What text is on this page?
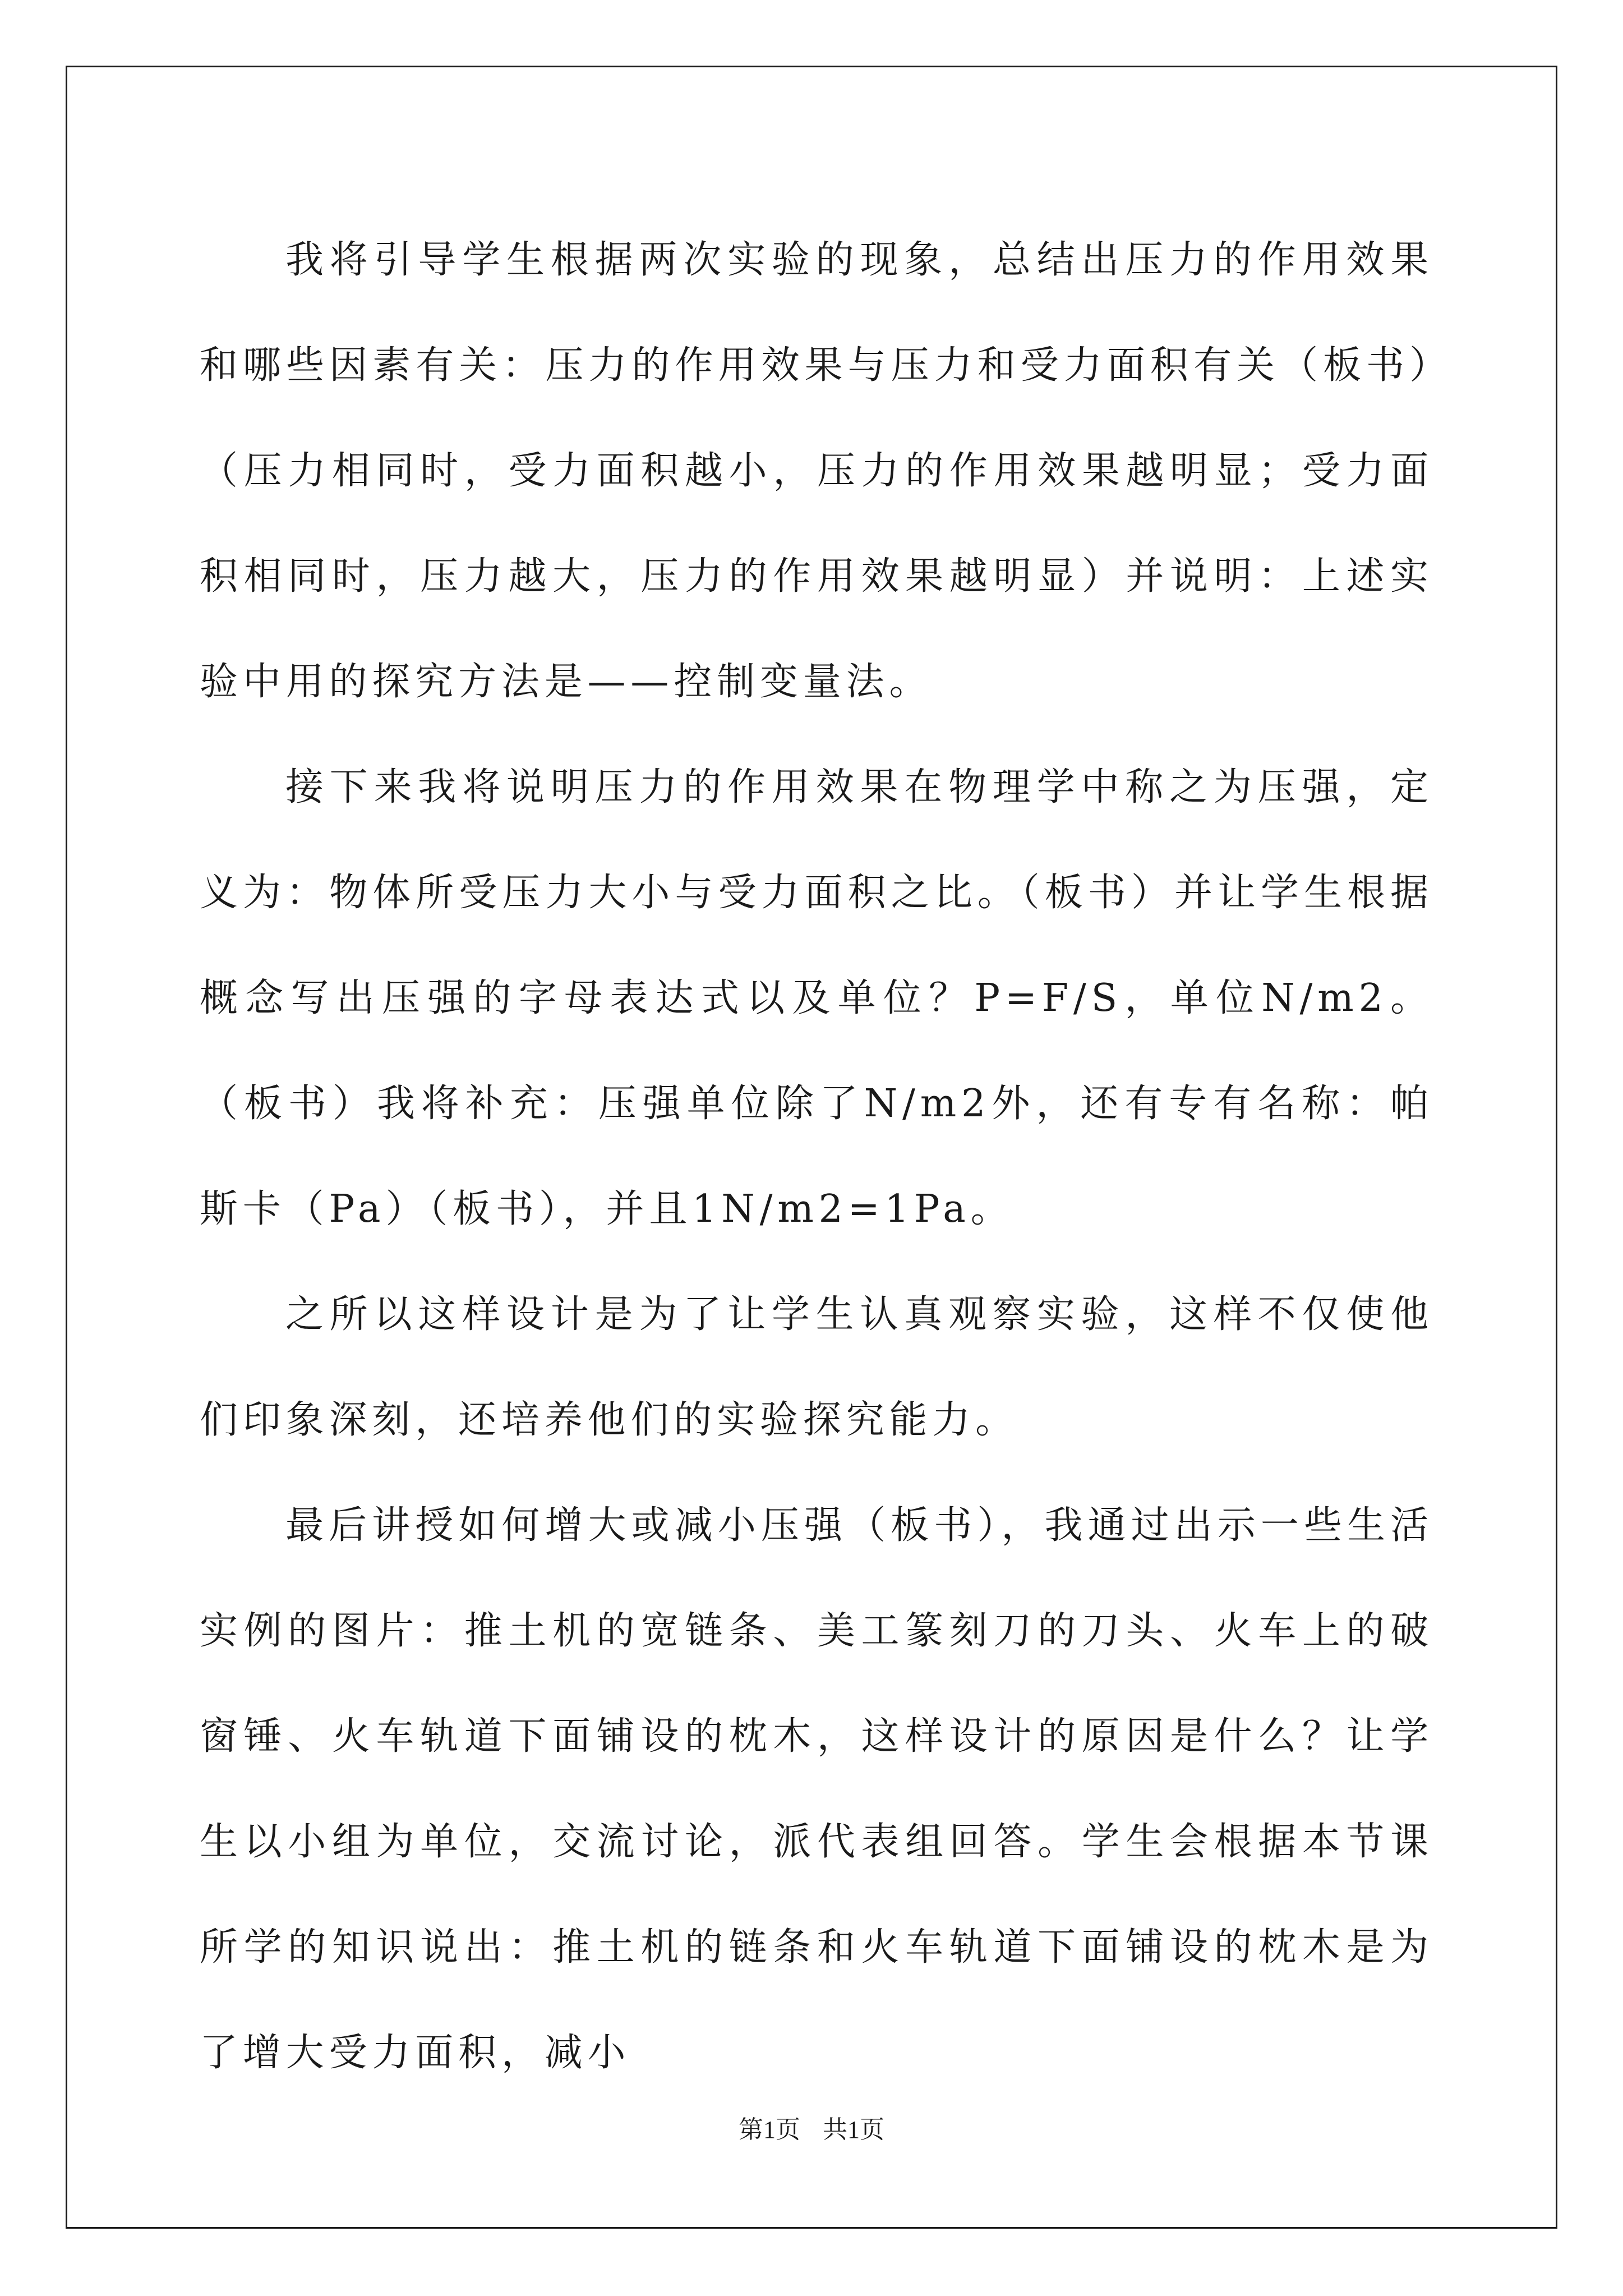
我将引导学生根据两次实验的现象，总结出压力的作用效果和哪些因素有关：压力的作用效果与压力和受力面积有关（板书）（压力相同时，受力面积越小，压力的作用效果越明显；受力面积相同时，压力越大，压力的作用效果越明显）并说明：上述实验中用的探究方法是——控制变量法。

接下来我将说明压力的作用效果在物理学中称之为压强，定义为：物体所受压力大小与受力面积之比。（板书）并让学生根据概念写出压强的字母表达式以及单位？P=F/S，单位N/m2。（板书）我将补充：压强单位除了N/m2外，还有专有名称：帕斯卡（Pa）（板书），并且1N/m2=1Pa。

之所以这样设计是为了让学生认真观察实验，这样不仅使他们印象深刻，还培养他们的实验探究能力。

最后讲授如何增大或减小压强（板书），我通过出示一些生活实例的图片：推土机的宽链条、美工篆刻刀的刀头、火车上的破窗锤、火车轨道下面铺设的枕木，这样设计的原因是什么？让学生以小组为单位，交流讨论，派代表组回答。学生会根据本节课所学的知识说出：推土机的链条和火车轨道下面铺设的枕木是为了增大受力面积，减小

第1页 共1页
